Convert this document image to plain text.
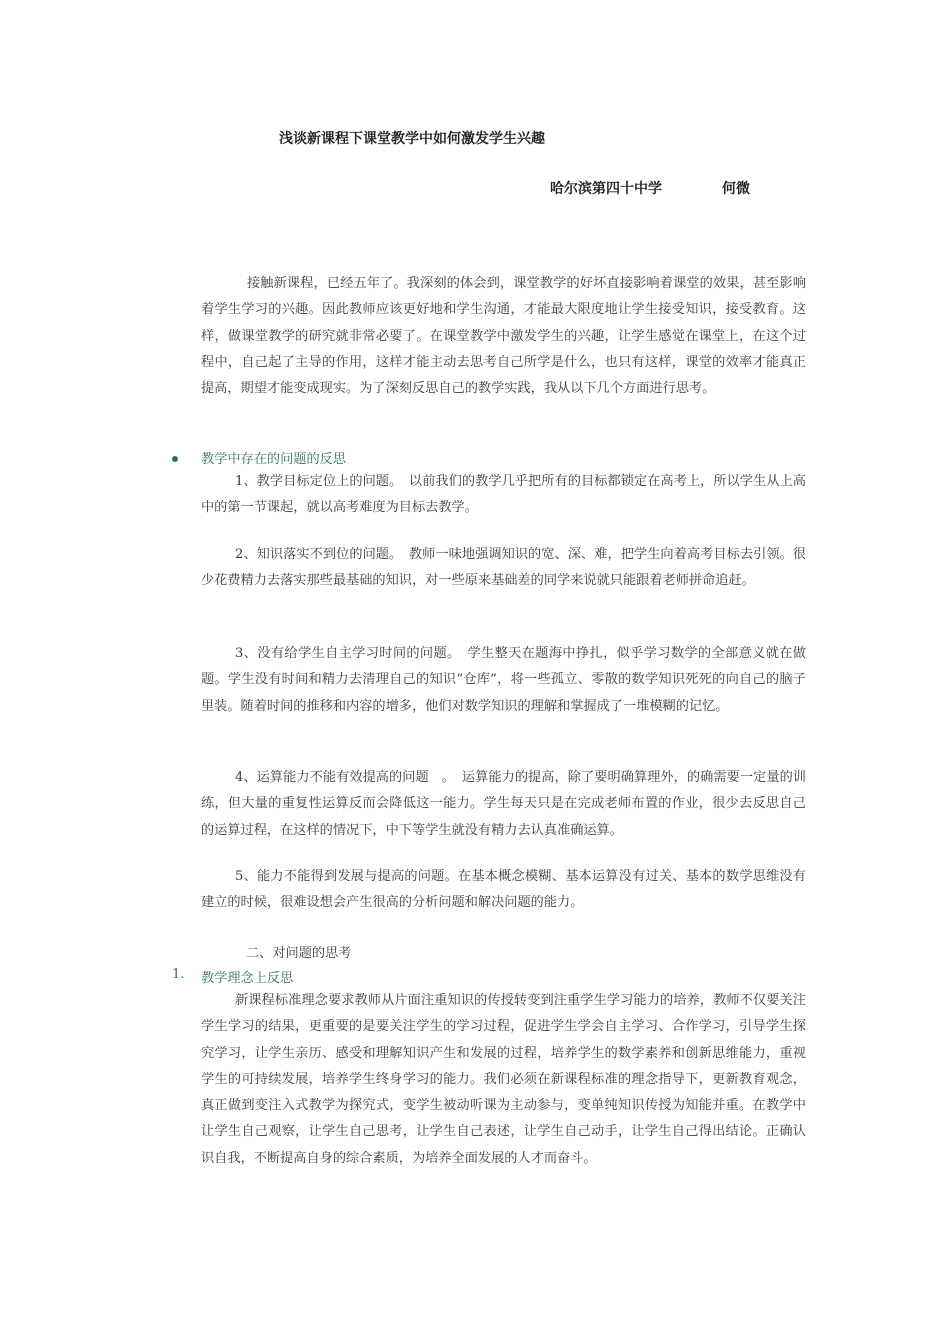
浅谈新课程下课堂教学中如何激发学生兴趣
哈尔滨第四十中学	何微

接触新课程，已经五年了。我深刻的体会到，课堂教学的好坏直接影响着课堂的效果，甚至影响着学生学习的兴趣。因此教师应该更好地和学生沟通，才能最大限度地让学生接受知识，接受教育。这样，做课堂教学的研究就非常必要了。在课堂教学中激发学生的兴趣，让学生感觉在课堂上，在这个过程中，自己起了主导的作用，这样才能主动去思考自己所学是什么，也只有这样，课堂的效率才能真正提高，期望才能变成现实。为了深刻反思自己的教学实践，我从以下几个方面进行思考。

教学中存在的问题的反思

1、教学目标定位上的问题。　以前我们的教学几乎把所有的目标都锁定在高考上，所以学生从上高中的第一节课起，就以高考难度为目标去教学。

2、知识落实不到位的问题。　教师一味地强调知识的宽、深、难，把学生向着高考目标去引领。很少花费精力去落实那些最基础的知识，对一些原来基础差的同学来说就只能跟着老师拼命追赶。

3、没有给学生自主学习时间的问题。　学生整天在题海中挣扎，似乎学习数学的全部意义就在做题。学生没有时间和精力去清理自己的知识“仓库”，将一些孤立、零散的数学知识死死的向自己的脑子里装。随着时间的推移和内容的增多，他们对数学知识的理解和掌握成了一堆模糊的记忆。

4、运算能力不能有效提高的问题　。　运算能力的提高，除了要明确算理外，的确需要一定量的训练，但大量的重复性运算反而会降低这一能力。学生每天只是在完成老师布置的作业，很少去反思自己的运算过程，在这样的情况下，中下等学生就没有精力去认真准确运算。

5、能力不能得到发展与提高的问题。在基本概念模糊、基本运算没有过关、基本的数学思维没有建立的时候，很难设想会产生很高的分析问题和解决问题的能力。

二、对问题的思考
1. 教学理念上反思

新课程标准理念要求教师从片面注重知识的传授转变到注重学生学习能力的培养，教师不仅要关注学生学习的结果，更重要的是要关注学生的学习过程，促进学生学会自主学习、合作学习，引导学生探究学习，让学生亲历、感受和理解知识产生和发展的过程，培养学生的数学素养和创新思维能力，重视学生的可持续发展，培养学生终身学习的能力。我们必须在新课程标准的理念指导下，更新教育观念，真正做到变注入式教学为探究式，变学生被动听课为主动参与，变单纯知识传授为知能并重。在教学中让学生自己观察，让学生自己思考，让学生自己表述，让学生自己动手，让学生自己得出结论。正确认识自我，不断提高自身的综合素质，为培养全面发展的人才而奋斗。
